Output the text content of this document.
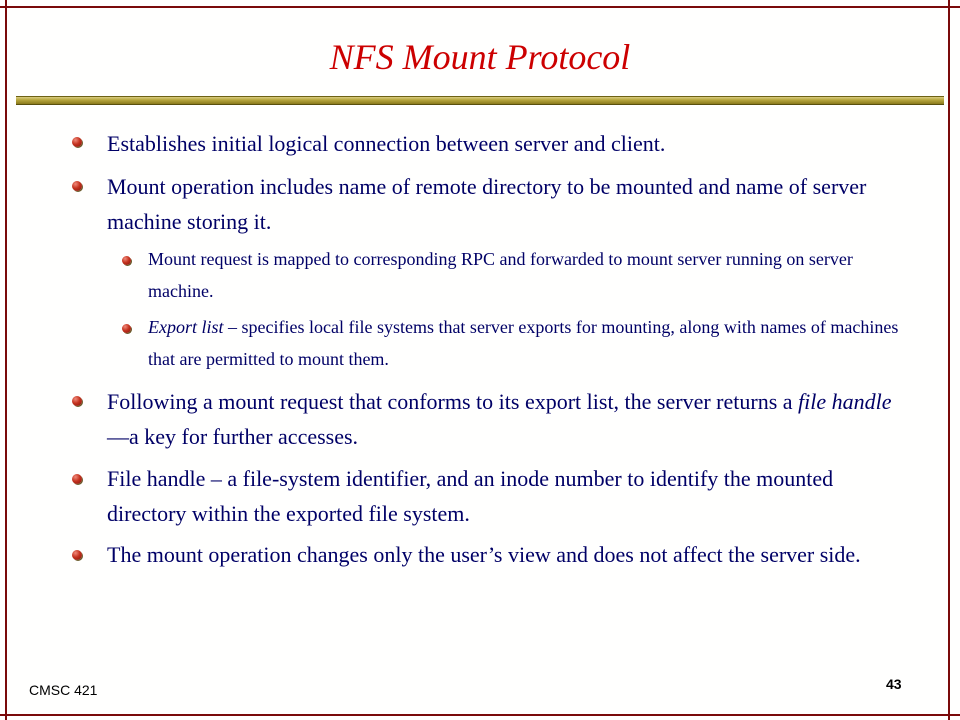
NFS Mount Protocol
Establishes initial logical connection between server and client.
Mount operation includes name of remote directory to be mounted and name of server machine storing it.
Mount request is mapped to corresponding RPC and forwarded to mount server running on server machine.
Export list – specifies local file systems that server exports for mounting, along with names of machines that are permitted to mount them.
Following a mount request that conforms to its export list, the server returns a file handle—a key for further accesses.
File handle – a file-system identifier, and an inode number to identify the mounted directory within the exported file system.
The mount operation changes only the user’s view and does not affect the server side.
CMSC 421	43
